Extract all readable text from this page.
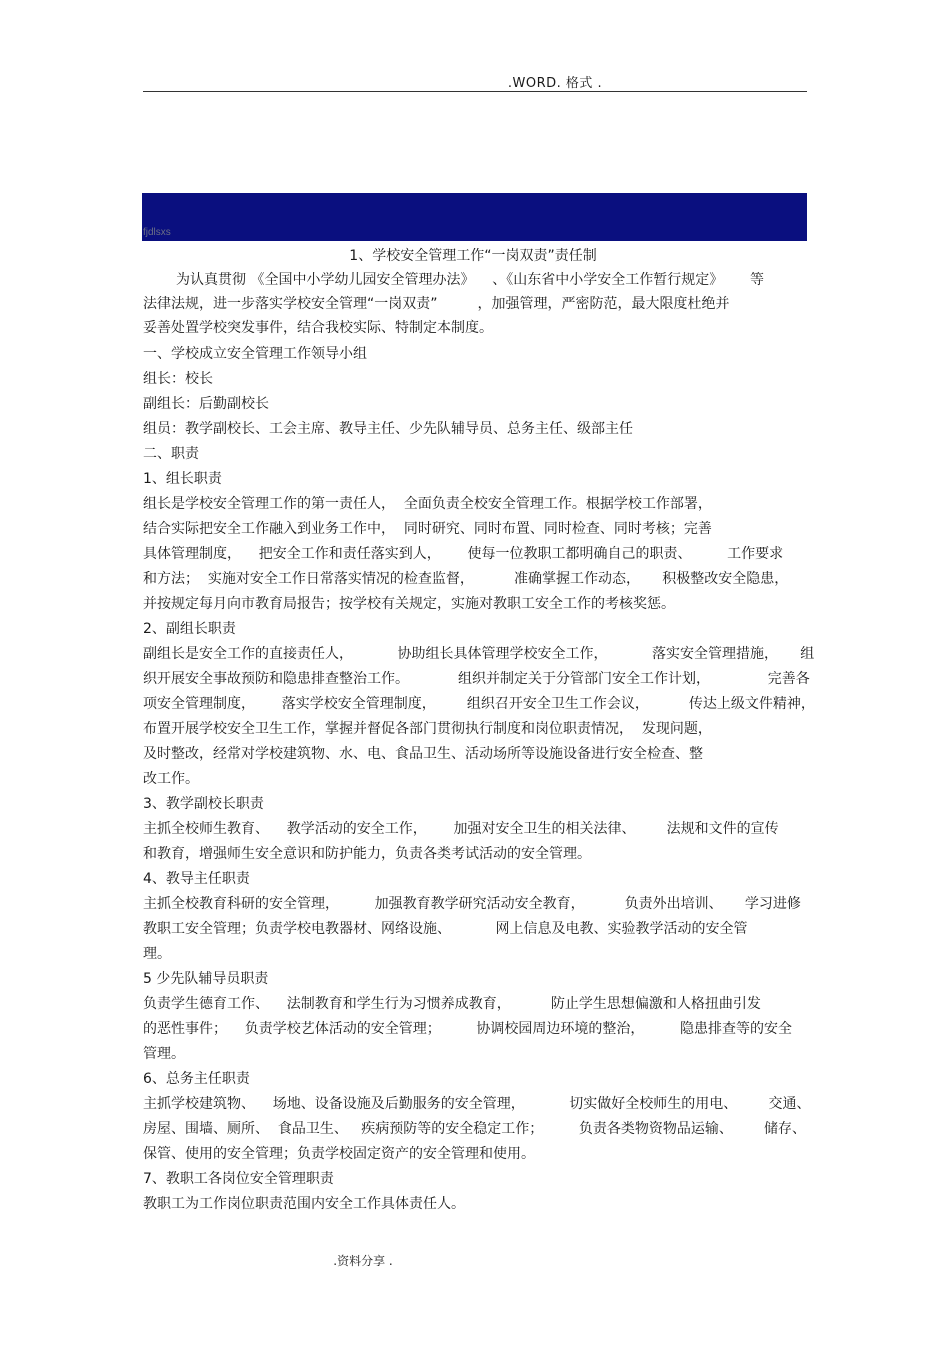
.WORD. 格式 .
fjdlsxs
1、学校安全管理工作“一岗双责”责任制
为认真贯彻 《全国中小学幼儿园安全管理办法》    、《山东省中小学安全工作暂行规定》      等
法律法规，进一步落实学校安全管理“一岗双责”         ，加强管理，严密防范，最大限度杜绝并
妥善处置学校突发事件，结合我校实际、特制定本制度。
一、学校成立安全管理工作领导小组
组长：校长
副组长：后勤副校长
组员：教学副校长、工会主席、教导主任、少先队辅导员、总务主任、级部主任
二、职责
1、组长职责
组长是学校安全管理工作的第一责任人，  全面负责全校安全管理工作。根据学校工作部署，
结合实际把安全工作融入到业务工作中，  同时研究、同时布置、同时检查、同时考核；完善
具体管理制度，    把安全工作和责任落实到人，      使每一位教职工都明确自己的职责、        工作要求
和方法；  实施对安全工作日常落实情况的检查监督，         准确掌握工作动态，     积极整改安全隐患，
并按规定每月向市教育局报告；按学校有关规定，实施对教职工安全工作的考核奖惩。
2、副组长职责
副组长是安全工作的直接责任人，          协助组长具体管理学校安全工作，          落实安全管理措施，     组
织开展安全事故预防和隐患排查整治工作。           组织并制定关于分管部门安全工作计划，             完善各
项安全管理制度，      落实学校安全管理制度，       组织召开安全卫生工作会议，         传达上级文件精神，
布置开展学校安全卫生工作，掌握并督促各部门贯彻执行制度和岗位职责情况，  发现问题，
及时整改，经常对学校建筑物、水、电、食品卫生、活动场所等设施设备进行安全检查、整
改工作。
3、教学副校长职责
主抓全校师生教育、    教学活动的安全工作，      加强对安全卫生的相关法律、       法规和文件的宣传
和教育，增强师生安全意识和防护能力，负责各类考试活动的安全管理。
4、教导主任职责
主抓全校教育科研的安全管理，        加强教育教学研究活动安全教育，         负责外出培训、     学习进修
教职工安全管理；负责学校电教器材、网络设施、          网上信息及电教、实验教学活动的安全管
理。
5 少先队辅导员职责
负责学生德育工作、    法制教育和学生行为习惯养成教育，         防止学生思想偏激和人格扭曲引发
的恶性事件；    负责学校艺体活动的安全管理；        协调校园周边环境的整治，        隐患排查等的安全
管理。
6、总务主任职责
主抓学校建筑物、    场地、设备设施及后勤服务的安全管理，          切实做好全校师生的用电、       交通、
房屋、围墙、厕所、  食品卫生、   疾病预防等的安全稳定工作；        负责各类物资物品运输、       储存、
保管、使用的安全管理；负责学校固定资产的安全管理和使用。
7、教职工各岗位安全管理职责
教职工为工作岗位职责范围内安全工作具体责任人。
.资料分享 .
